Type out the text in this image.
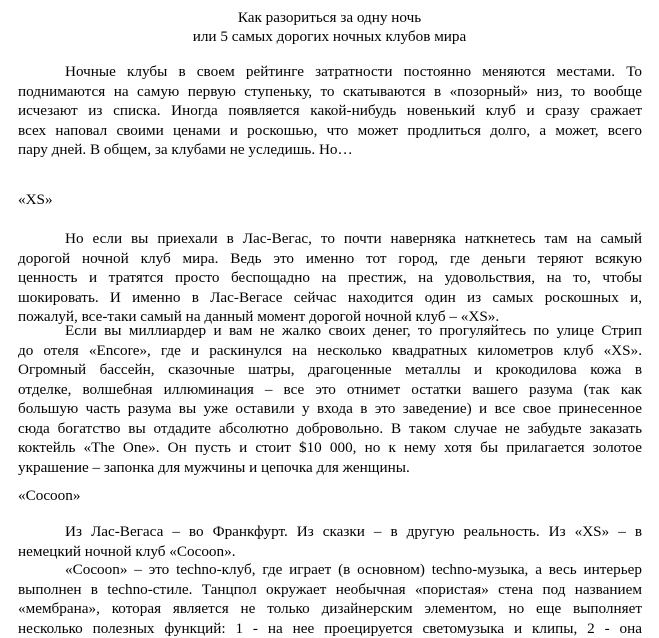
Как разориться за одну ночь
или 5 самых дорогих ночных клубов мира
Ночные клубы в своем рейтинге затратности постоянно меняются местами. То
поднимаются на самую первую ступеньку, то скатываются в «позорный» низ, то вообще
исчезают из списка. Иногда появляется какой-нибудь новенький клуб и сразу сражает
всех наповал своими ценами и роскошью, что может продлиться долго, а может, всего
пару дней. В общем, за клубами не уследишь. Но…
«XS»
Но если вы приехали в Лас-Вегас, то почти наверняка наткнетесь там на самый
дорогой ночной клуб мира. Ведь это именно тот город, где деньги теряют всякую
ценность и тратятся просто беспощадно на престиж, на удовольствия, на то, чтобы
шокировать. И именно в Лас-Вегасе сейчас находится один из самых роскошных и,
пожалуй, все-таки самый на данный момент дорогой ночной клуб – «XS».
Если вы миллиардер и вам не жалко своих денег, то прогуляйтесь по улице Стрип
до отеля «Encore», где и раскинулся на несколько квадратных километров клуб «XS».
Огромный бассейн, сказочные шатры, драгоценные металлы и крокодилова кожа в
отделке, волшебная иллюминация – все это отнимет остатки вашего разума (так как
большую часть разума вы уже оставили у входа в это заведение) и все свое принесенное
сюда богатство вы отдадите абсолютно добровольно. В таком случае не забудьте заказать
коктейль «The One». Он пусть и стоит $10 000, но к нему хотя бы прилагается золотое
украшение – запонка для мужчины и цепочка для женщины.
«Cocoon»
Из Лас-Вегаса – во Франкфурт. Из сказки – в другую реальность. Из «XS» – в
немецкий ночной клуб «Cocoon».
«Cocoon» – это techno-клуб, где играет (в основном) techno-музыка, а весь интерьер
выполнен в techno-стиле. Танцпол окружает необычная «пористая» стена под названием
«мембрана», которая является не только дизайнерским элементом, но еще выполняет
несколько полезных функций: 1 - на нее проецируется светомузыка и клипы, 2 - она
